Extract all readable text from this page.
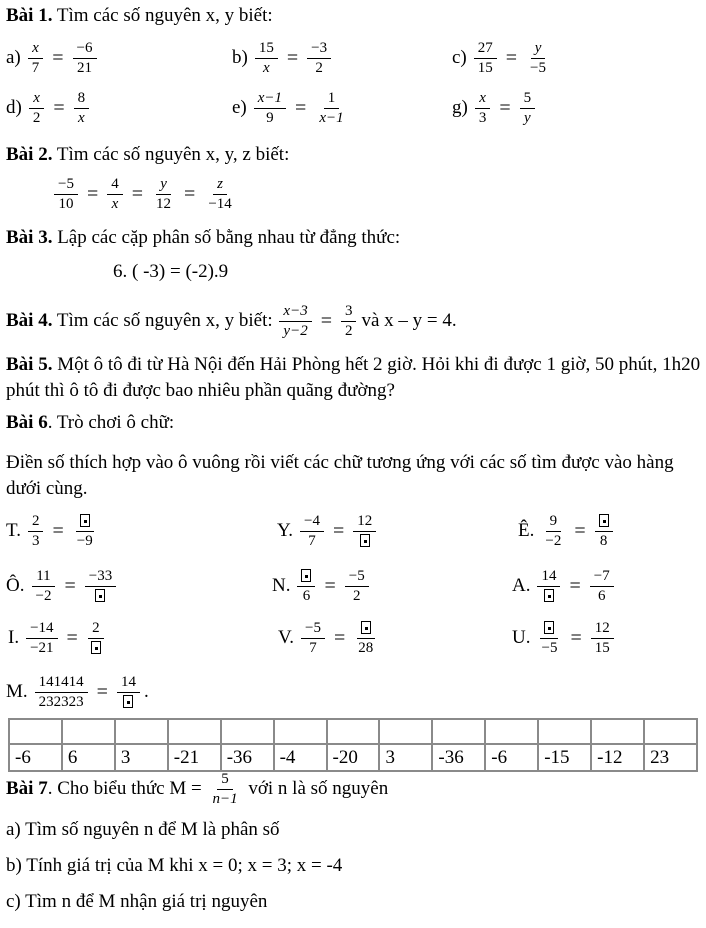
Bài 1. Tìm các số nguyên x, y biết:
$a) \frac{x}{7} = \frac{-6}{21}$	$b) \frac{15}{x} = \frac{-3}{2}$	$c) \frac{27}{15} = \frac{y}{-5}$
$d) \frac{x}{2} = \frac{8}{x}$	$e) \frac{x-1}{9} = \frac{1}{x-1}$	$g) \frac{x}{3} = \frac{5}{y}$
Bài 2. Tìm các số nguyên x, y, z biết:
$\frac{-5}{10} = \frac{4}{x} = \frac{y}{12} = \frac{z}{-14}$
Bài 3. Lập các cặp phân số bằng nhau từ đẳng thức:
6. ( -3) = (-2).9
Bài 4. Tìm các số nguyên x, y biết: $\frac{x-3}{y-2} = \frac{3}{2}$ và x – y = 4.
Bài 5. Một ô tô đi từ Hà Nội đến Hải Phòng hết 2 giờ. Hỏi khi đi được 1 giờ, 50 phút, 1h20 phút thì ô tô đi được bao nhiêu phần quãng đường?
Bài 6. Trò chơi ô chữ:
Điền số thích hợp vào ô vuông rồi viết các chữ tương ứng với các số tìm được vào hàng dưới cùng.
T. $\frac{2}{3} = -9$	Y. $\frac{-4}{7} = 12$	Ê. $\frac{9}{-2} = 8$
Ô. $\frac{11}{-2} = -33$	N. $6 = \frac{-5}{2}$	A. $14 = \frac{-7}{6}$
I. $\frac{-14}{-21} = 2$	V. $\frac{-5}{7} = 28$	U. $-5 = \frac{12}{15}$
M. $\frac{141414}{232323} = 14$ .

-6	6	3	-21	-36	-4	-20	3	-36	-6	-15	-12	23
Bài 7 . Cho biểu thức $M = \frac{5}{n-1}$ với n là số nguyên
a) Tìm số nguyên n để M là phân số
b) Tính giá trị của M khi x = 0; x = 3; x = -4
c) Tìm n để M nhận giá trị nguyên
